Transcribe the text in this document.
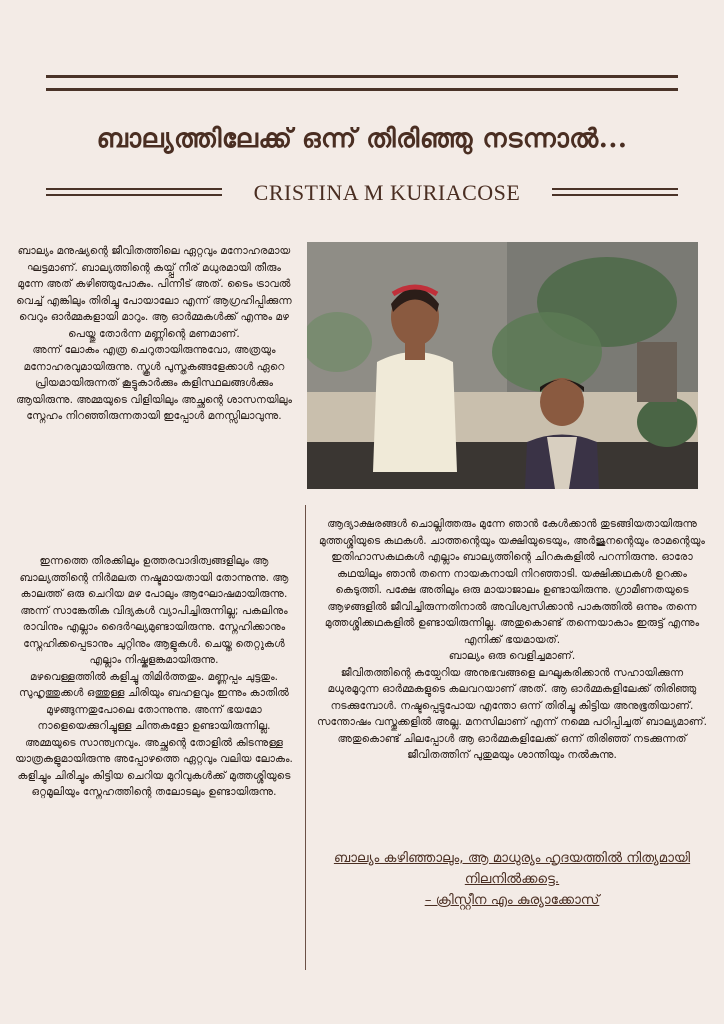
ബാല്യത്തിലേക്ക് ഒന്ന് തിരിഞ്ഞു നടന്നാൽ...
CRISTINA M KURIACOSE

ബാല്യം മനുഷ്യന്റെ ജീവിതത്തിലെ ഏറ്റവും മനോഹരമായ ഘട്ടമാണ്. ബാല്യത്തിന്റെ കയ്പ്പ് നീര് മധുരമായി തീരും മുന്നേ അത് കഴിഞ്ഞുപോകും. പിന്നീട് അത്. ടൈം ട്രാവൽ വെച്ച് എങ്കിലും തിരിച്ചു പോയാലോ എന്ന് ആഗ്രഹിപ്പിക്കുന്ന വെറും ഓർമ്മകളായി മാറും. ആ ഓർമ്മകൾക്ക് എന്നും മഴ പെയ്തു തോർന്ന മണ്ണിന്റെ മണമാണ്.

അന്ന് ലോകം എത്ര ചെറുതായിരുന്നുവോ, അത്രയും മനോഹരവുമായിരുന്നു. സ്കൂൾ പുസ്തകങ്ങളേക്കാൾ ഏറെ പ്രിയമായിരുന്നത് കൂട്ടുകാർക്കും കളിസ്ഥലങ്ങൾക്കും ആയിരുന്നു. അമ്മയുടെ വിളിയിലും അച്ഛന്റെ ശാസനയിലും സ്നേഹം നിറഞ്ഞിരുന്നതായി ഇപ്പോൾ മനസ്സിലാവുന്നു.

ഇന്നത്തെ തിരക്കിലും ഉത്തരവാദിത്വങ്ങളിലും ആ ബാല്യത്തിന്റെ നിർമലത നഷ്ടമായതായി തോന്നുന്നു. ആ കാലത്ത് ഒരു ചെറിയ മഴ പോലും ആഘോഷമായിരുന്നു. അന്ന് സാങ്കേതിക വിദ്യകൾ വ്യാപിച്ചിരുന്നില്ല; പകലിനും രാവിനും എല്ലാം ദൈർഘ്യമുണ്ടായിരുന്നു. സ്നേഹിക്കാനും സ്നേഹിക്കപ്പെടാനും ചുറ്റിനും ആളുകൾ. ചെയ്ത തെറ്റുകൾ എല്ലാം നിഷ്കളങ്കമായിരുന്നു.

മഴവെള്ളത്തിൽ കളിച്ചു തിമിർത്തതും. മണ്ണപ്പം ചുട്ടതും. സുഹൃത്തുക്കൾ ഒത്തുള്ള ചിരിയും ബഹളവും ഇന്നും കാതിൽ മുഴങ്ങുന്നതുപോലെ തോന്നുന്നു. അന്ന് ഭയമോ നാളെയെക്കുറിച്ചുള്ള ചിന്തകളോ ഉണ്ടായിരുന്നില്ല. അമ്മയുടെ സാന്ത്വനവും. അച്ഛന്റെ തോളിൽ കിടന്നുള്ള യാത്രകളുമായിരുന്നു അപ്പോഴത്തെ ഏറ്റവും വലിയ ലോകം. കളിച്ചും ചിരിച്ചും കിട്ടിയ ചെറിയ മുറിവുകൾക്ക് മുത്തശ്ശിയുടെ ഒറ്റമൂലിയും സ്നേഹത്തിന്റെ തലോടലും ഉണ്ടായിരുന്നു.

ആദ്യാക്ഷരങ്ങൾ ചൊല്ലിത്തരും മുന്നേ ഞാൻ കേൾക്കാൻ തുടങ്ങിയതായിരുന്നു മുത്തശ്ശിയുടെ കഥകൾ. ചാത്തന്റെയും യക്ഷിയുടെയും, അർജുനന്റെയും രാമന്റെയും ഇതിഹാസകഥകൾ എല്ലാം ബാല്യത്തിന്റെ ചിറകുകളിൽ പറന്നിരുന്നു. ഓരോ കഥയിലും ഞാൻ തന്നെ നായകനായി നിറഞ്ഞാടി. യക്ഷിക്കഥകൾ ഉറക്കം കെടുത്തി. പക്ഷേ അതിലും ഒരു മായാജാലം ഉണ്ടായിരുന്നു. ഗ്രാമീണതയുടെ ആഴങ്ങളിൽ ജീവിച്ചിരുന്നതിനാൽ അവിശ്വസിക്കാൻ പാകത്തിൽ ഒന്നും തന്നെ മുത്തശ്ശിക്കഥകളിൽ ഉണ്ടായിരുന്നില്ല. അതുകൊണ്ട് തന്നെയാകാം ഇരുട്ട് എന്നും എനിക്ക് ഭയമായത്.

ബാല്യം ഒരു വെളിച്ചമാണ്.

ജീവിതത്തിന്റെ കയ്പേറിയ അനുഭവങ്ങളെ ലഘൂകരിക്കാൻ സഹായിക്കുന്ന മധുരമൂറുന്ന ഓർമ്മകളുടെ കലവറയാണ് അത്. ആ ഓർമ്മകളിലേക്ക് തിരിഞ്ഞു നടക്കുമ്പോൾ. നഷ്ടപ്പെട്ടുപോയ എന്തോ ഒന്ന് തിരിച്ചു കിട്ടിയ അനുഭൂതിയാണ്. സന്തോഷം വസ്തുക്കളിൽ അല്ല. മനസിലാണ് എന്ന് നമ്മെ പഠിപ്പിച്ചത് ബാല്യമാണ്. അതുകൊണ്ട് ചിലപ്പോൾ ആ ഓർമ്മകളിലേക്ക് ഒന്ന് തിരിഞ്ഞ് നടക്കുന്നത് ജീവിതത്തിന് പുതുമയും ശാന്തിയും നൽകുന്നു.

ബാല്യം കഴിഞ്ഞാലും, ആ മാധുര്യം ഹൃദയത്തിൽ നിത്യമായി നിലനിൽക്കട്ടെ.
– ക്രിസ്റ്റീന എം കുര്യാക്കോസ്
